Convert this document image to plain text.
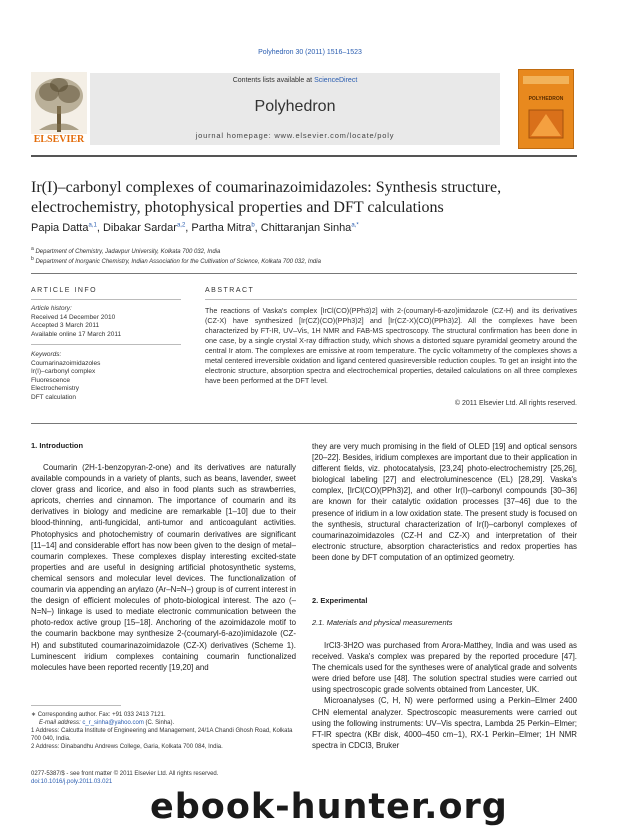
Polyhedron 30 (2011) 1516–1523
ELSEVIER
Contents lists available at ScienceDirect
Polyhedron
journal homepage: www.elsevier.com/locate/poly
POLYHEDRON
Ir(I)–carbonyl complexes of coumarinazoimidazoles: Synthesis structure, electrochemistry, photophysical properties and DFT calculations
Papia Datta$^{a,1}$, Dibakar Sardar$^{a,2}$, Partha Mitra$^b$, Chittaranjan Sinha$^{a,*}$
$^a$ Department of Chemistry, Jadavpur University, Kolkata 700 032, India
$^b$ Department of Inorganic Chemistry, Indian Association for the Cultivation of Science, Kolkata 700 032, India
ARTICLE INFO
Article history:
Received 14 December 2010
Accepted 3 March 2011
Available online 17 March 2011
Keywords:
Coumarinazoimidazoles
Ir(I)–carbonyl complex
Fluorescence
Electrochemistry
DFT calculation
ABSTRACT
The reactions of Vaska's complex [IrCl(CO)(PPh3)2] with 2-(coumaryl-6-azo)imidazole (CZ-H) and its derivatives (CZ-X) have synthesized [Ir(CZ)(CO)(PPh3)2] and [Ir(CZ-X)(CO)(PPh3)2]. All the complexes have been characterized by FT-IR, UV–Vis, 1H NMR and FAB-MS spectroscopy. The structural confirmation has been done in one case, by a single crystal X-ray diffraction study, which shows a distorted square pyramidal geometry around the central Ir atom. The complexes are emissive at room temperature. The cyclic voltammetry of the complexes shows a metal centered irreversible oxidation and ligand centered quasireversible reduction couples. To get an insight into the electronic structure, absorption spectra and electrochemical properties, detailed calculations on all three complexes have been performed at the DFT level.
© 2011 Elsevier Ltd. All rights reserved.
1. Introduction

Coumarin (2H-1-benzopyran-2-one) and its derivatives are naturally available compounds in a variety of plants, such as beans, lavender, sweet clover grass and licorice, and also in food plants such as strawberries, apricots, cherries and cinnamon. The importance of coumarin and its derivatives in biology and medicine are remarkable [1–10] due to their blood-thinning, anti-fungicidal, anti-tumor and anticoagulant activities. Photophysics and photochemistry of coumarin derivatives are significant [11–14] and considerable effort has now been given to the design of metal–coumarin complexes. These complexes display interesting excited-state properties and are useful in designing artificial photosynthetic systems, chemical sensors and molecular level devices. The functionalization of coumarin via appending an arylazo (Ar–N=N–) group is of current interest in the design of efficient molecules of photo-biological interest. The azo (–N=N–) linkage is used to mediate electronic communication between the photo-redox active group [15–18]. Anchoring of the azoimidazole motif to the coumarin backbone may synthesize 2-(coumaryl-6-azo)imidazole (CZ-H) and substituted coumarinazoimidazole (CZ-X) derivatives (Scheme 1). Luminescent iridium complexes containing coumarin functionalized molecules have been reported recently [19,20] and

∗ Corresponding author. Fax: +91 033 2413 7121.
E-mail address: c_r_sinha@yahoo.com (C. Sinha).
1 Address: Calcutta Institute of Engineering and Management, 24/1A Chandi Ghosh Road, Kolkata 700 040, India.
2 Address: Dinabandhu Andrews College, Garia, Kolkata 700 084, India.
0277-5387/$ - see front matter © 2011 Elsevier Ltd. All rights reserved.
doi:10.1016/j.poly.2011.03.021

they are very much promising in the field of OLED [19] and optical sensors [20–22]. Besides, iridium complexes are important due to their application in different fields, viz. photocatalysis, [23,24] photo-electrochemistry [25,26], biological labeling [27] and electroluminescence (EL) [28,29]. Vaska's complex, [IrCl(CO)(PPh3)2], and other Ir(I)–carbonyl compounds [30–36] are known for their catalytic oxidation processes [37–46] due to the presence of iridium in a low oxidation state. The present study is focused on the synthesis, structural characterization of Ir(I)–carbonyl complexes of coumarinazoimidazoles (CZ-H and CZ-X) and interpretation of their electronic structure, absorption characteristics and redox properties has been done by DFT computation of an optimized geometry.

2. Experimental
2.1. Materials and physical measurements

IrCl3·3H2O was purchased from Arora-Matthey, India and was used as received. Vaska's complex was prepared by the reported procedure [47]. The chemicals used for the syntheses were of analytical grade and solvents were dried before use [48]. The solution spectral studies were carried out using spectroscopic grade solvents obtained from Lancester, UK.

Microanalyses (C, H, N) were performed using a Perkin–Elmer 2400 CHN elemental analyzer. Spectroscopic measurements were carried out using the following instruments: UV–Vis spectra, Lambda 25 Perkin–Elmer; FT-IR spectra (KBr disk, 4000–450 cm−1), RX-1 Perkin–Elmer; 1H NMR spectra in CDCl3, Bruker

ebook-hunter.org
